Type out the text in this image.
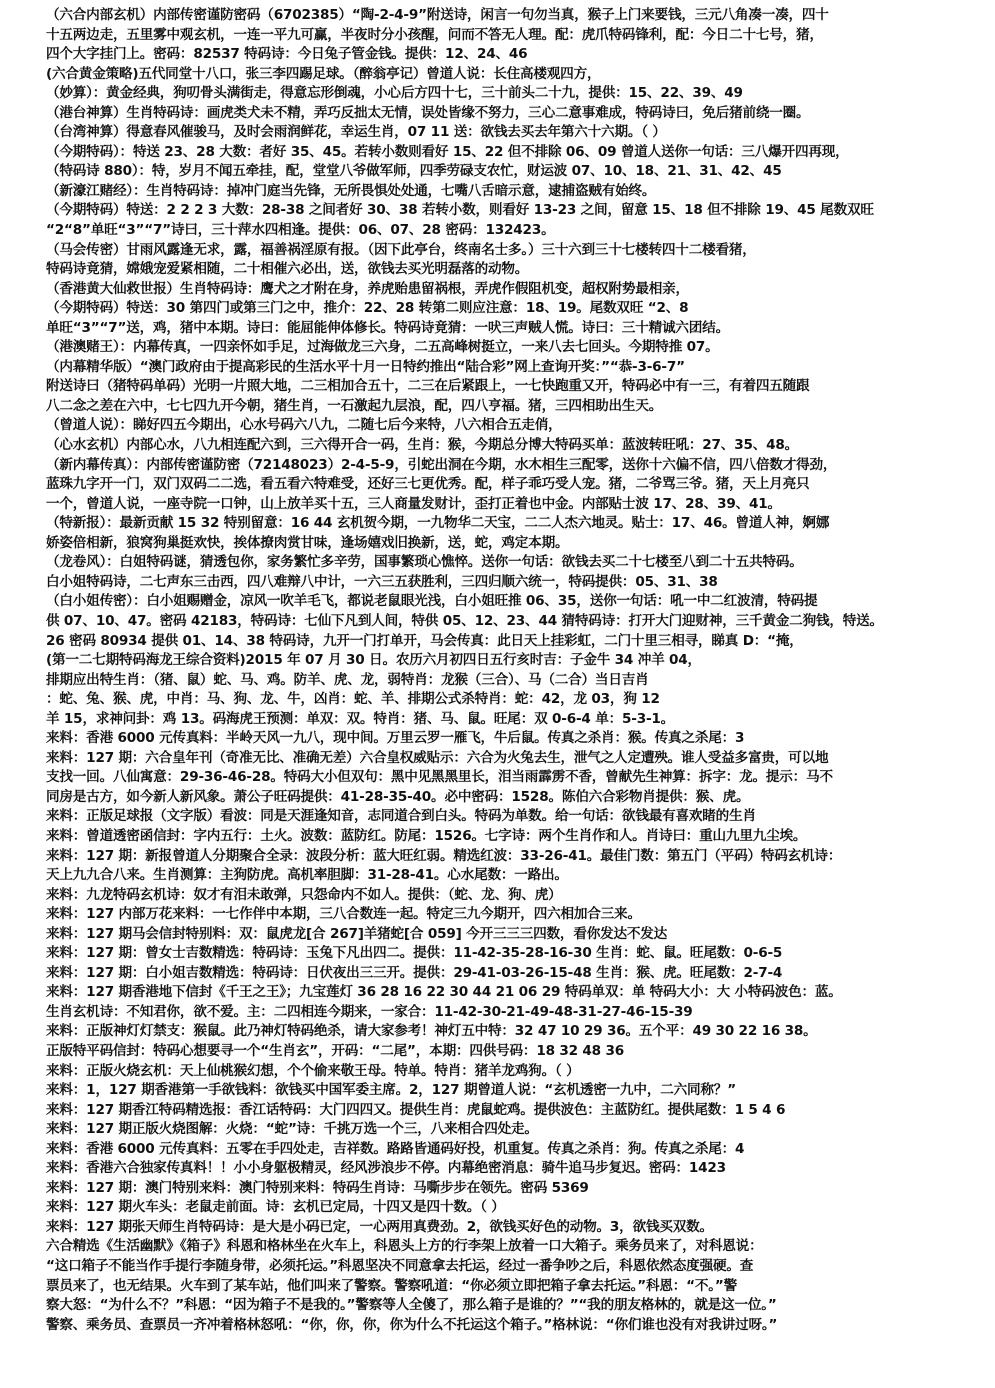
（六合内部玄机）内部传密谨防密码（6702385）“陶-2-4-9”附送诗，闲言一句勿当真，猴子上门来要钱，三元八角凑一凑，四十
十五两边走，五里雾中观玄机，一连一平九可赢，半夜时分小孩醒，问而不答无人理。配：虎爪特码锋利，配：今日二十七号，猪，
四个大字挂门上。密码：82537 特码诗：今日兔子管金钱。提供：12、24、46
(六合黄金策略)五代同堂十八口，张三李四踢足球。（醉翁亭记）曾道人说：长住高楼观四方，
（妙算）：黄金经典，狗叨骨头满街走，得意忘形倒魂，小心后方四十七，三十前头二十九，提供：15、22、39、49
（港台神算）生肖特码诗：画虎类犬未不精，弄巧反拙太无情，误处皆缘不努力，三心二意事难成，特码诗曰，免后猪前绕一圈。
（台湾神算）得意春风催骏马，及时会雨润鲜花，幸运生肖，07 11 送：欲钱去买去年第六十六期。（ ）
（今期特码）：特送 23、28 大数：者好 35、45。若转小数则看好 15、22 但不排除 06、09 曾道人送你一句话：三八爆开四再现，
（特码诗 880）：特，岁月不闻五牵挂，配，堂堂八爷做军师，四季劳碌支农忙，财运波 07、10、18、21、31、42、45
（新濠江赌经）：生肖特码诗：掉冲门庭当先锋，无所畏惧处处通，七嘴八舌暗示意，逮捕盗贼有始终。
（今期特码）特送：2 2 2 3 大数：28-38 之间者好 30、38 若转小数，则看好 13-23 之间，留意 15、18 但不排除 19、45 尾数双旺
“2“8”单旺“3”“7”诗曰，三十萍水四相逢。提供：06、07、28 密码：132423。
（马会传密）甘雨风露逢无求，露，福善祸淫原有报。（因下此亭台，终南名士多。）三十六到三十七楼转四十二楼看猪，
特码诗竟猜，嫦娥宠爱紧相随，二十相催六必出，送，欲钱去买光明磊落的动物。
（香港黄大仙救世报）生肖特码诗：鹰犬之才附在身，养虎贻患留祸根，弄虎作假阻机变，超权附势最相亲，
（今期特码）特送：30 第四门或第三门之中，推介：22、28 转第二则应注意：18、19。尾数双旺 “2、8
单旺“3”“7”送，鸡，猪中本期。诗曰：能屈能伸体修长。特码诗竟猜：一吠三声贼人慌。诗曰：三十精诚六团结。
（港澳赌王）：内幕传真，一四亲怀如手足，过海做龙三六身，二五高峰树挺立，一来八去七回头。今期特推 07。
（内幕精华版）“澳门政府由于提高彩民的生活水平十月一日特约推出“陆合彩”网上查询开奖：”“恭-3-6-7”
附送诗曰（猪特码单码）光明一片照大地，二三相加合五十，二三在后紧跟上，一七快跑重又开，特码必中有一三，有着四五随跟
八二念之差在六中，七七四九开今朝，猪生肖，一石激起九层浪，配，四八亨福。猪，三四相助出生天。
（曾道人说）：睇好四五今期出，心水号码六八九，二随七后今来特，八六相合五走俏，
（心水玄机）内部心水，八九相连配六到，三六得开合一码，生肖：猴，今期总分博大特码买单：蓝波转旺吼：27、35、48。
（新内幕传真）：内部传密谨防密（72148023）2-4-5-9，引蛇出洞在今期，水木相生三配零，送你十六偏不信，四八倍数才得劲，
蓝珠九字开一门，双门双码二二选，看五看六特难受，还好三七更优秀。配，样子乖巧受人宠。猪，二爷骂三爷。猪，天上月亮只
一个，曾道人说，一座寺院一口钟，山上放羊买十五，三人商量发财计，歪打正着也中金。内部贴士波 17、28、39、41。
（特新报）：最新贡献 15 32 特别留意：16 44 玄机贺今期，一九物华二天宝，二二人杰六地灵。贴士：17、46。曾道人神，婀娜
娇姿倍相新，狼窝狗巢挺欢快，挨体撩肉赏甘味，逢场嬉戏旧换新，送，蛇，鸡定本期。
（龙卷风）：白姐特码谜，猜透包你，家务繁忙多辛劳，国事繁琐心憔悴。送你一句话：欲钱去买二十七楼至八到二十五共特码。
白小姐特码诗，二七声东三击西，四八难辩八中计，一六三五获胜利，三四归顺六统一，特码提供：05、31、38
（白小姐传密）：白小姐赐赠金，凉风一吹羊毛飞，都说老鼠眼光浅，白小姐旺推 06、35，送你一句话：吼一中二红波清，特码提
供 07、10、47。密码 42183，特码诗：七仙下凡到人间，特供 05、12、23、44 猜特码诗：打开大门迎财神，三千黄金二狗钱，特送。
26 密码 80934 提供 01、14、38 特码诗，九开一门打单开，马会传真：此日天上挂彩虹，二门十里三相寻，睇真 D：“掩，
(第一二七期特码海龙王综合资料)2015 年 07 月 30 日。农历六月初四日五行亥时吉：子金牛 34 冲羊 04，
排期应出特生肖：（猪、鼠）蛇、马、鸡。防羊、虎、龙，弱特肖：龙猴（三合）、马（二合）当日吉肖
：蛇、兔、猴、虎，中肖：马、狗、龙、牛，凶肖：蛇、羊、排期公式杀特肖：蛇：42，龙 03，狗 12
羊 15，求神问卦：鸡 13。码海虎王预测：单双：双。特肖：猪、马、鼠。旺尾：双 0-6-4 单：5-3-1。
来料：香港 6000 元传真料：半岭天风一九八，现中间。万里云罗一雁飞，牛后鼠。传真之杀肖：猴。传真之杀尾：3
来料：127 期：六合皇年刊（奇准无比、准确无差）六合皇权威贴示：六合为火兔去生，泄气之人定遭殃。谁人受益多富贵，可以地
支找一回。八仙寓意：29-36-46-28。特码大小但双句：黑中见黑黑里长，泪当雨霹雳不香，曾献先生神算：拆字：龙。提示：马不
同房是古方，如今新人新风象。萧公子旺码提供：41-28-35-40。必中密码：1528。陈伯六合彩物肖提供：猴、虎。
来料：正版足球报（文字版）看波：同是天涯逢知音，志同道合到白头。特码为单数。给一句话：欲钱最有喜欢睹的生肖
来料：曾道透密函信封：字内五行：土火。波数：蓝防红。防尾：1526。七字诗：两个生肖作和人。肖诗曰：重山九里九尘埃。
来料：127 期：新报曾道人分期聚合全录：波段分析：蓝大旺红弱。精选红波：33-26-41。最佳门数：第五门（平码）特码玄机诗：
天上九九合八来。生肖测算：主狗防虎。高机率胆脚：31-28-41。心水尾数：一路出。
来料：九龙特码玄机诗：奴才有泪未敢弹，只怨命内不如人。提供：（蛇、龙、狗、虎）
来料：127 内部万花来料：一七作伴中本期，三八合数连一起。特定三九今期开，四六相加合三来。
来料：127 期马会信封特别料：双：鼠虎龙[合 267]羊猪蛇[合 059] 今开三三三四数，看你发达不发达
来料：127 期：曾女士吉数精选：特码诗：玉兔下凡出四二。提供：11-42-35-28-16-30 生肖：蛇、鼠。旺尾数：0-6-5
来料：127 期：白小姐吉数精选：特码诗：日伏夜出三三开。提供：29-41-03-26-15-48 生肖：猴、虎。旺尾数：2-7-4
来料：127 期香港地下信封《千王之王》；九宝莲灯 36 28 16 22 30 44 21 06 29 特码单双：单 特码大小：大 小特码波色：蓝。
生肖玄机诗：不知君你，欲不爱。主：二四相连今期来，一家合：11-42-30-21-49-48-31-27-46-15-39
来料：正版神灯灯禁支：猴鼠。此乃神灯特码绝杀，请大家参考！神灯五中特：32 47 10 29 36。五个平：49 30 22 16 38。
正版特平码信封：特码心想要寻一个“生肖玄”，开码：“二尾”，本期：四供号码：18 32 48 36
来料：正版火烧玄机：天上仙桃猴幻想，个个偷来敬王母。特单。特肖：猪羊龙鸡狗。（ ）
来料：1，127 期香港第一手欲钱料：欲钱买中国军委主席。2，127 期曾道人说：“玄机透密一九中，二六同称？”
来料：127 期香江特码精选报：香江话特码：大门四四又。提供生肖：虎鼠蛇鸡。提供波色：主蓝防红。提供尾数：1 5 4 6
来料：127 期正版火烧图解：火烧：“蛇”诗：千挑万选一个三，八来相合四处走。
来料：香港 6000 元传真料：五零在手四处走，吉祥数。路路皆通码好投，机重复。传真之杀肖：狗。传真之杀尾：4
来料：香港六合独家传真料！！小小身躯极精灵，经风涉浪步不停。内幕绝密消息：骑牛追马步复迟。密码：1423
来料：127 期：澳门特别来料：澳门特别来料：特码生肖诗：马嘶步步在领先。密码 5369
来料：127 期火车头：老鼠走前面。诗：玄机已定局，十四又是四十数。（ ）
来料：127 期张天师生肖特码诗：是大是小码已定，一心两用真费劲。2，欲钱买好色的动物。3，欲钱买双数。
六合精选《生活幽默》《箱子》科恩和格林坐在火车上，科恩头上方的行李架上放着一口大箱子。乘务员来了，对科恩说：
“这口箱子不能当作手提行李随身带，必须托运。”科恩坚决不同意拿去托运，经过一番争吵之后，科恩依然态度强硬。查
票员来了，也无结果。火车到了某车站，他们叫来了警察。警察吼道：“你必须立即把箱子拿去托运。”科恩：“不。”警
察大怒：“为什么不？”科恩：“因为箱子不是我的。”警察等人全傻了，那么箱子是谁的？”“我的朋友格林的，就是这一位。”
警察、乘务员、查票员一齐冲着格林怒吼：“你，你，你，你为什么不托运这个箱子。”格林说：“你们谁也没有对我讲过呀。”
